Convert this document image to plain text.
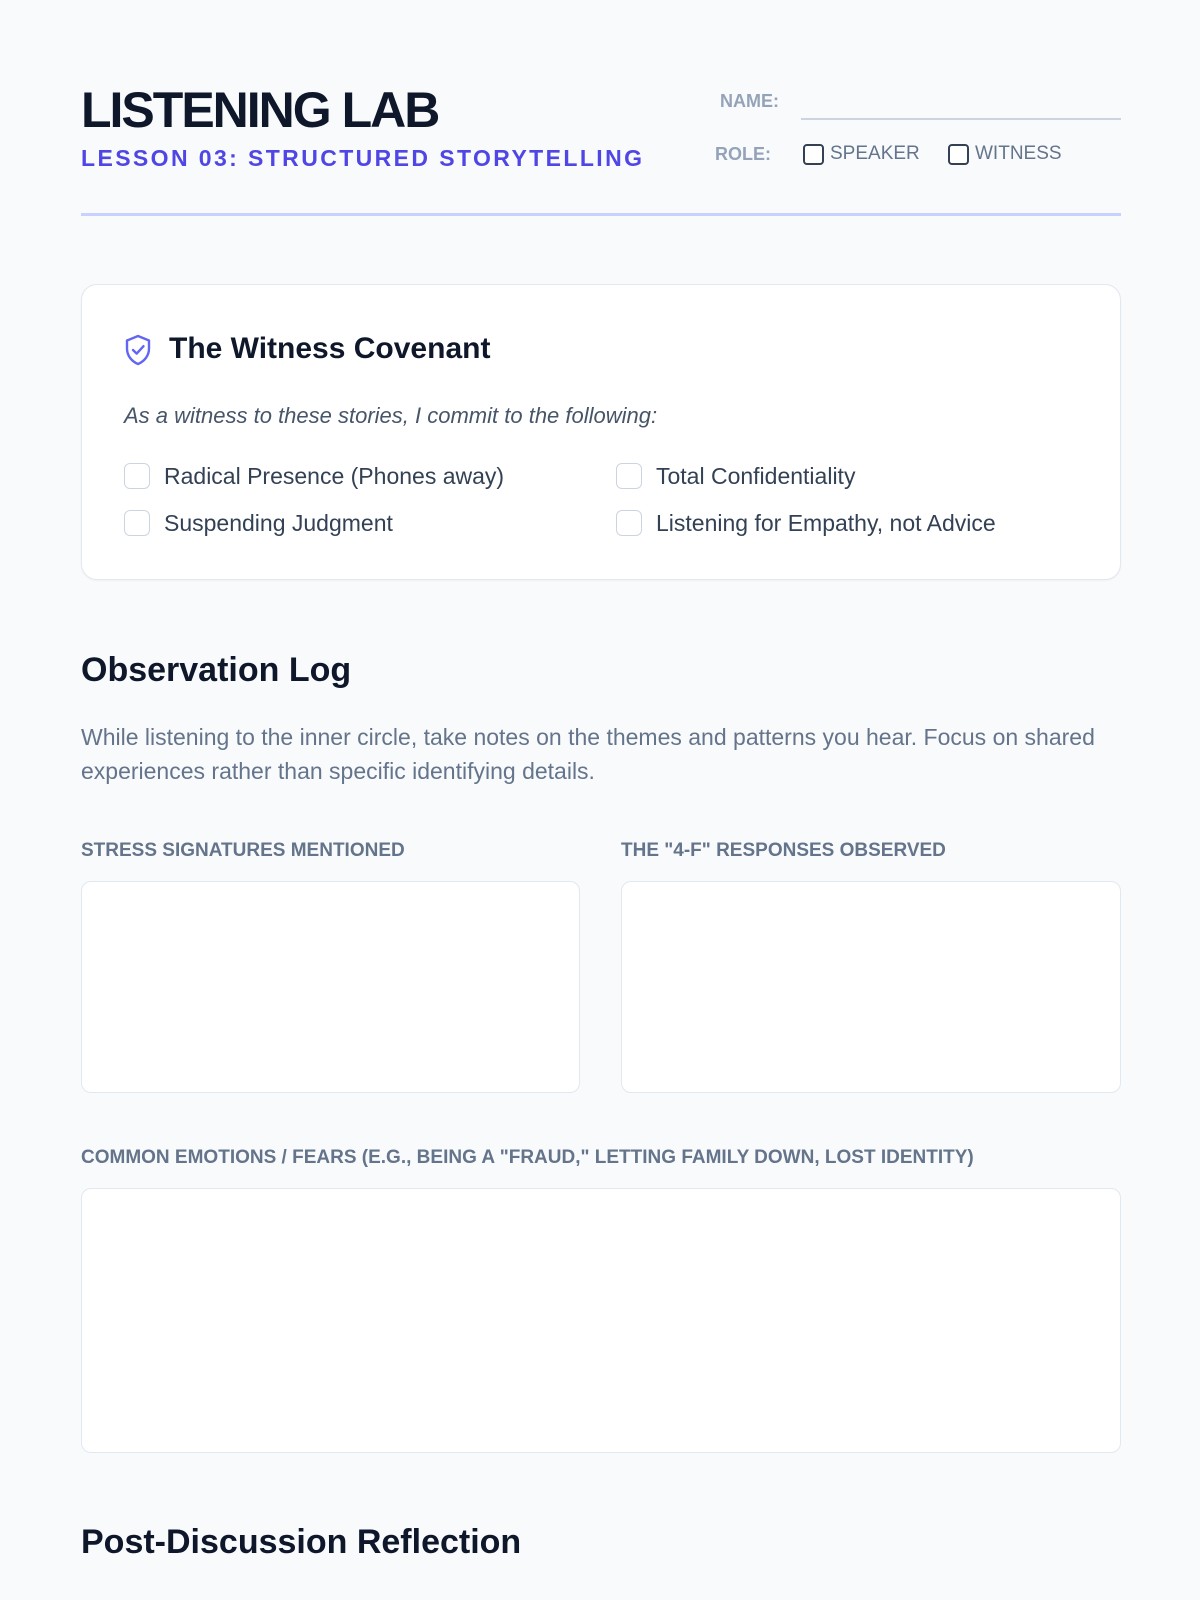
LISTENING LAB
LESSON 03: STRUCTURED STORYTELLING
NAME:
ROLE:	SPEAKER	WITNESS
The Witness Covenant
As a witness to these stories, I commit to the following:
Radical Presence (Phones away)	Total Confidentiality
Suspending Judgment	Listening for Empathy, not Advice
Observation Log
While listening to the inner circle, take notes on the themes and patterns you hear. Focus on shared experiences rather than specific identifying details.
STRESS SIGNATURES MENTIONED	THE "4-F" RESPONSES OBSERVED
COMMON EMOTIONS / FEARS (E.G., BEING A "FRAUD," LETTING FAMILY DOWN, LOST IDENTITY)
Post-Discussion Reflection
